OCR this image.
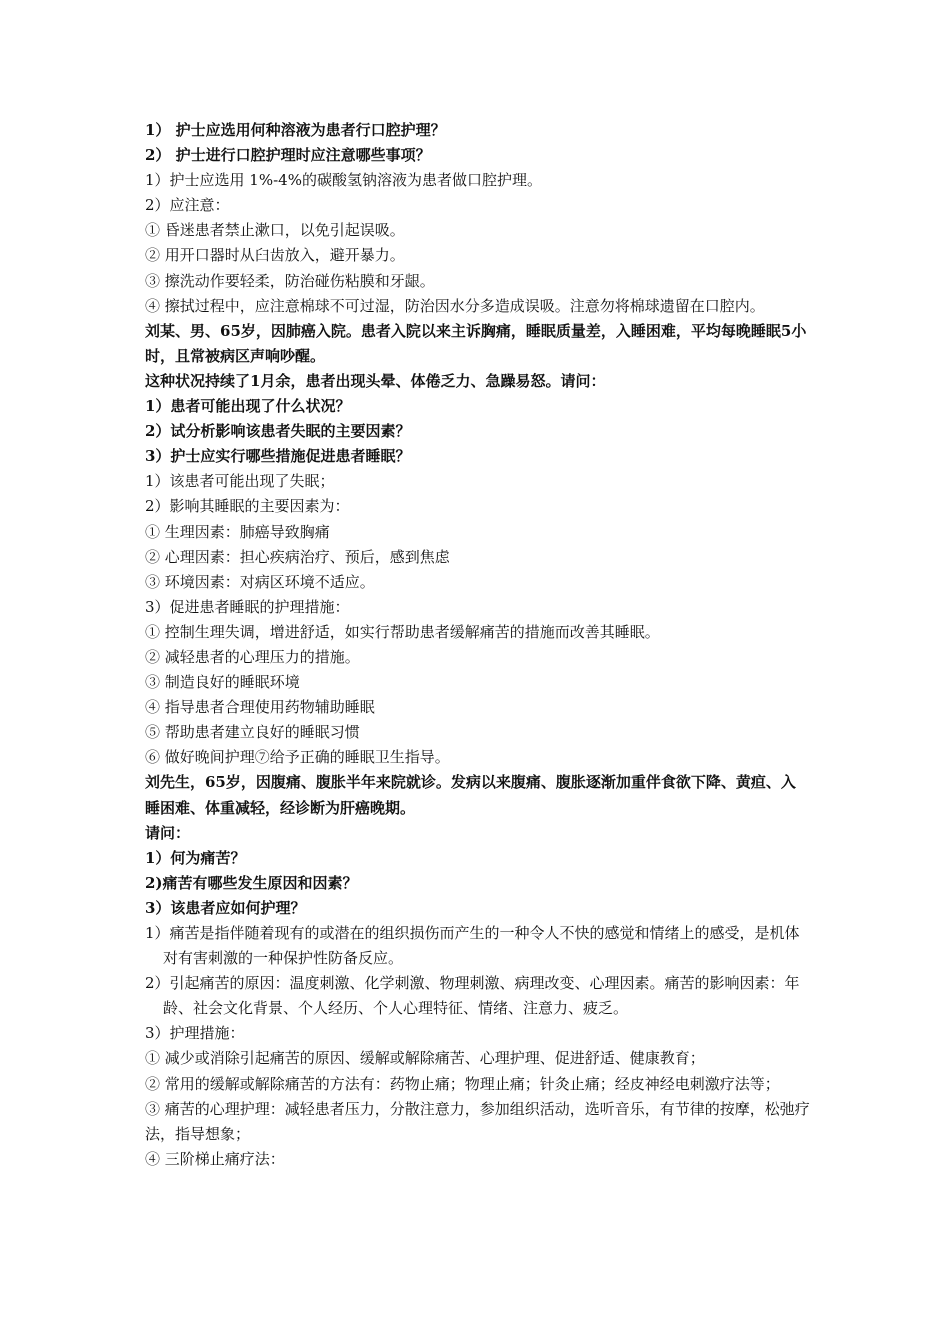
1） 护士应选用何种溶液为患者行口腔护理？
2） 护士进行口腔护理时应注意哪些事项？
1）护士应选用 1%-4%的碳酸氢钠溶液为患者做口腔护理。
2）应注意：
① 昏迷患者禁止漱口，以免引起误吸。
② 用开口器时从臼齿放入，避开暴力。
③ 擦洗动作要轻柔，防治碰伤粘膜和牙龈。
④ 擦拭过程中，应注意棉球不可过湿，防治因水分多造成误吸。注意勿将棉球遗留在口腔内。
刘某、男、65岁，因肺癌入院。患者入院以来主诉胸痛，睡眠质量差，入睡困难，平均每晚睡眠5小时，且常被病区声响吵醒。
这种状况持续了1月余，患者出现头晕、体倦乏力、急躁易怒。请问：
1）患者可能出现了什么状况？
2）试分析影响该患者失眠的主要因素？
3）护士应实行哪些措施促进患者睡眠？
1）该患者可能出现了失眠；
2）影响其睡眠的主要因素为：
① 生理因素：肺癌导致胸痛
② 心理因素：担心疾病治疗、预后，感到焦虑
③ 环境因素：对病区环境不适应。
3）促进患者睡眠的护理措施：
① 控制生理失调，增进舒适，如实行帮助患者缓解痛苦的措施而改善其睡眠。
② 减轻患者的心理压力的措施。
③ 制造良好的睡眠环境
④ 指导患者合理使用药物辅助睡眠
⑤ 帮助患者建立良好的睡眠习惯
⑥ 做好晚间护理⑦给予正确的睡眠卫生指导。
刘先生，65岁，因腹痛、腹胀半年来院就诊。发病以来腹痛、腹胀逐渐加重伴食欲下降、黄疸、入睡困难、体重减轻，经诊断为肝癌晚期。
请问：
1）何为痛苦？
2)痛苦有哪些发生原因和因素？
3）该患者应如何护理？
1）痛苦是指伴随着现有的或潜在的组织损伤而产生的一种令人不快的感觉和情绪上的感受，是机体对有害刺激的一种保护性防备反应。
2）引起痛苦的原因：温度刺激、化学刺激、物理刺激、病理改变、心理因素。痛苦的影响因素：年龄、社会文化背景、个人经历、个人心理特征、情绪、注意力、疲乏。
3）护理措施：
① 减少或消除引起痛苦的原因、缓解或解除痛苦、心理护理、促进舒适、健康教育；
② 常用的缓解或解除痛苦的方法有：药物止痛；物理止痛；针灸止痛；经皮神经电刺激疗法等；
③ 痛苦的心理护理：减轻患者压力，分散注意力，参加组织活动，选听音乐，有节律的按摩，松弛疗法，指导想象；
④ 三阶梯止痛疗法：
